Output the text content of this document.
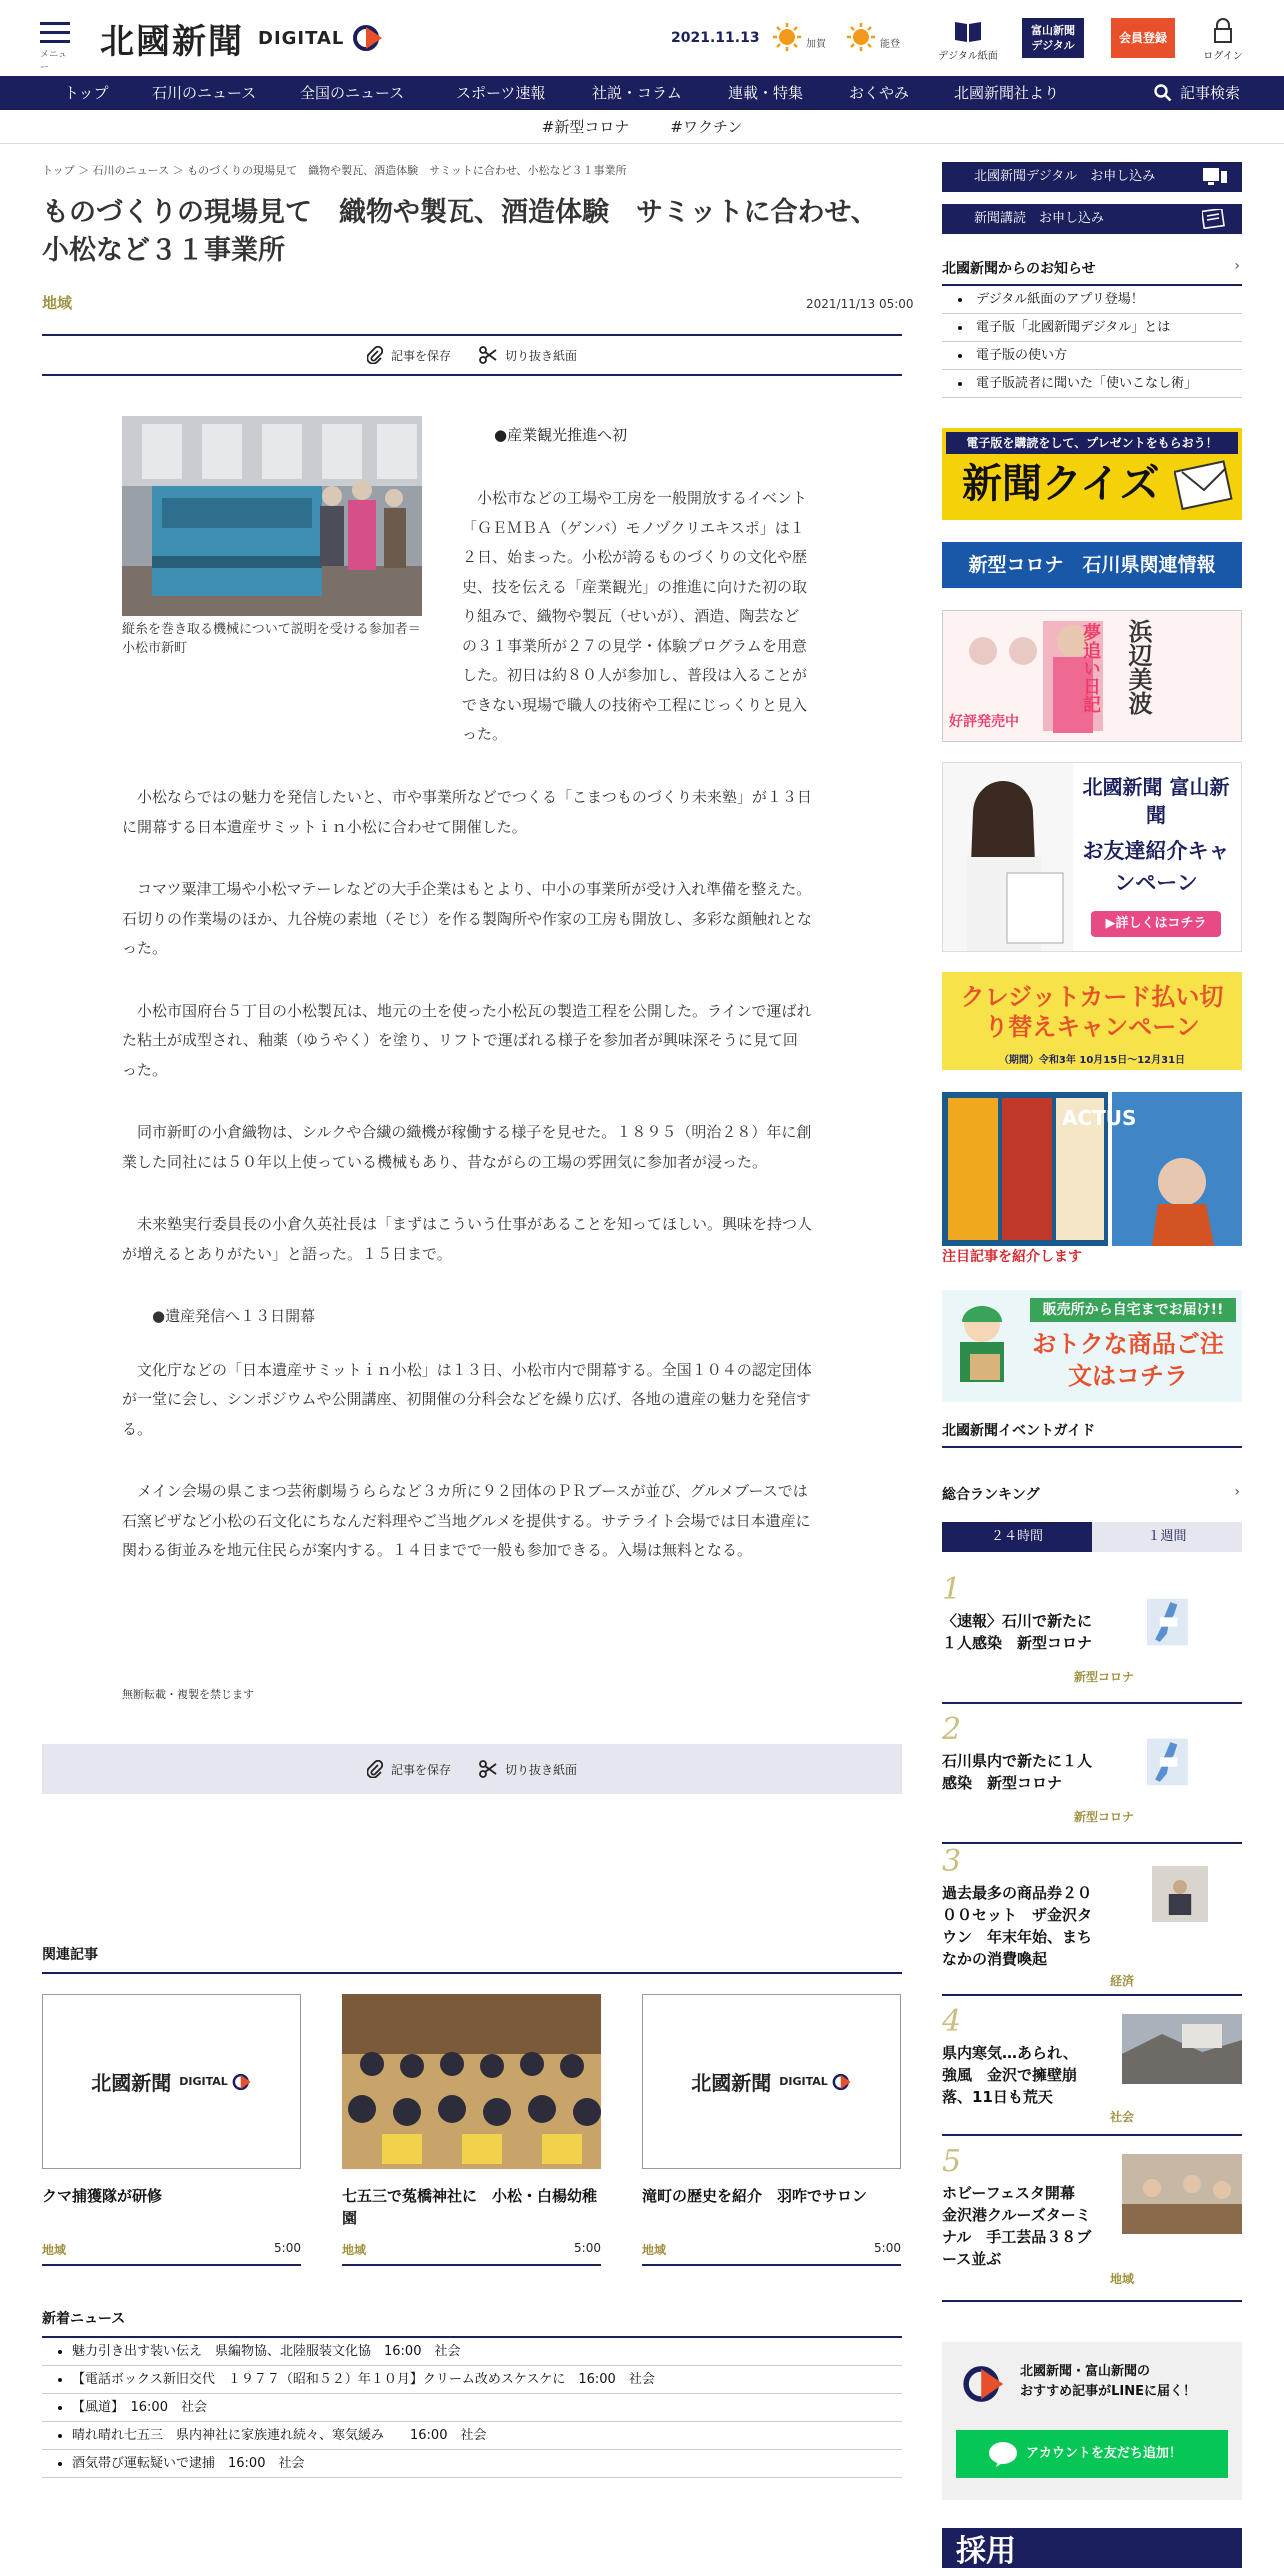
メニュー
北國新聞 DIGITAL	2021.11.13	加賀	能登
デジタル紙面
富山新聞
デジタル
会員登録
ログイン
トップ	石川のニュース	全国のニュース	スポーツ速報	社説・コラム	連載・特集	おくやみ	北國新聞社より	記事検索
#新型コロナ	#ワクチン
トップ ＞ 石川のニュース ＞ ものづくりの現場見て　織物や製瓦、酒造体験　サミットに合わせ、小松など３１事業所
ものづくりの現場見て　織物や製瓦、酒造体験　サミットに合わせ、小松など３１事業所
地域	2021/11/13 05:00
記事を保存	切り抜き紙面
縦糸を巻き取る機械について説明を受ける参加者＝小松市新町
●産業観光推進へ初

　小松市などの工場や工房を一般開放するイベント「ＧＥＭＢＡ（ゲンバ）モノヅクリエキスポ」は１２日、始まった。小松が誇るものづくりの文化や歴史、技を伝える「産業観光」の推進に向けた初の取り組みで、織物や製瓦（せいが）、酒造、陶芸などの３１事業所が２７の見学・体験プログラムを用意した。初日は約８０人が参加し、普段は入ることができない現場で職人の技術や工程にじっくりと見入った。

　小松ならではの魅力を発信したいと、市や事業所などでつくる「こまつものづくり未来塾」が１３日に開幕する日本遺産サミットｉｎ小松に合わせて開催した。

　コマツ粟津工場や小松マテーレなどの大手企業はもとより、中小の事業所が受け入れ準備を整えた。石切りの作業場のほか、九谷焼の素地（そじ）を作る製陶所や作家の工房も開放し、多彩な顔触れとなった。

　小松市国府台５丁目の小松製瓦は、地元の土を使った小松瓦の製造工程を公開した。ラインで運ばれた粘土が成型され、釉薬（ゆうやく）を塗り、リフトで運ばれる様子を参加者が興味深そうに見て回った。

　同市新町の小倉織物は、シルクや合繊の織機が稼働する様子を見せた。１８９５（明治２８）年に創業した同社には５０年以上使っている機械もあり、昔ながらの工場の雰囲気に参加者が浸った。

　未来塾実行委員長の小倉久英社長は「まずはこういう仕事があることを知ってほしい。興味を持つ人が増えるとありがたい」と語った。１５日まで。

●遺産発信へ１３日開幕

　文化庁などの「日本遺産サミットｉｎ小松」は１３日、小松市内で開幕する。全国１０４の認定団体が一堂に会し、シンポジウムや公開講座、初開催の分科会などを繰り広げ、各地の遺産の魅力を発信する。

　メイン会場の県こまつ芸術劇場うららなど３カ所に９２団体のＰＲブースが並び、グルメブースでは石窯ピザなど小松の石文化にちなんだ料理やご当地グルメを提供する。サテライト会場では日本遺産に関わる街並みを地元住民らが案内する。１４日までで一般も参加できる。入場は無料となる。

無断転載・複製を禁じます
記事を保存	切り抜き紙面
関連記事
北國新聞 DIGITAL
クマ捕獲隊が研修
地域	5:00
七五三で菟橋神社に　小松・白楊幼稚園
地域	5:00
北國新聞 DIGITAL
滝町の歴史を紹介　羽咋でサロン
地域	5:00
新着ニュース
魅力引き出す装い伝え　県編物協、北陸服装文化協　16:00　社会
【電話ボックス新旧交代　１９７７（昭和５２）年１０月】クリーム改めスケスケに　16:00　社会
【風道】　16:00　社会
晴れ晴れ七五三　県内神社に家族連れ続々、寒気緩み　　16:00　社会
酒気帯び運転疑いで逮捕　16:00　社会
北國新聞デジタル　お申し込み
新聞講読　お申し込み
北國新聞からのお知らせ	›
デジタル紙面のアプリ登場！
電子版「北國新聞デジタル」とは
電子版の使い方
電子版読者に聞いた「使いこなし術」
電子版を購読をして、プレゼントをもらおう！
新聞クイズ
新型コロナ　石川県関連情報
浜辺美波
夢追い日記
好評発売中
北國新聞 富山新聞
お友達紹介キャンペーン
▶詳しくはコチラ
クレジットカード払い切り替えキャンペーン
（期間）令和3年 10月15日～12月31日
ACTUS
注目記事を紹介します
販売所から自宅までお届け!!
おトクな商品ご注文はコチラ
北國新聞イベントガイド
総合ランキング	›
２４時間	１週間
1
〈速報〉石川で新たに１人感染　新型コロナ
新型コロナ
2
石川県内で新たに１人感染　新型コロナ
新型コロナ
3
過去最多の商品券２０００セット　ザ金沢タウン　年末年始、まちなかの消費喚起
経済
4
県内寒気…あられ、強風　金沢で擁壁崩落、11日も荒天
社会
5
ホビーフェスタ開幕　金沢港クルーズターミナル　手工芸品３８ブース並ぶ
地域
北國新聞・富山新聞の
おすすめ記事がLINEに届く！
アカウントを友だち追加！
採用
